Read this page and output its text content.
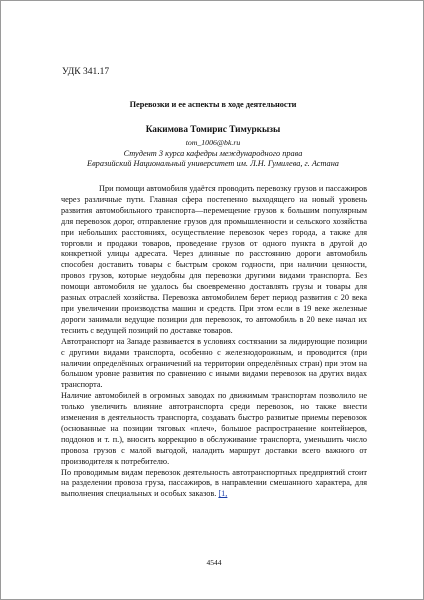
УДК 341.17
Перевозки и ее аспекты в ходе деятельности
Какимова Томирис Тимуркызы
tom_1006@bk.ru
Студент 3 курса кафедры международного права
Евразийский Национальный университет им. Л.Н. Гумилева, г. Астана

При помощи автомобиля удаётся проводить перевозку грузов и пассажиров через различные пути. Главная сфера постепенно выходящего на новый уровень развития автомобильного транспорта—перемещение грузов к большим популярным для перевозок дорог, отправление грузов для промышленности и сельского хозяйства при небольших расстояниях, осуществление перевозок через города, а также для торговли и продажи товаров, проведение грузов от одного пункта в другой до конкретной улицы адресата. Через длинные по расстоянию дороги автомобиль способен доставить товары с быстрым сроком годности, при наличии ценности, провоз грузов, которые неудобны для перевозки другими видами транспорта. Без помощи автомобиля не удалось бы своевременно доставлять грузы и товары для разных отраслей хозяйства. Перевозка автомобилем берет период развития с 20 века при увеличении производства машин и средств. При этом если в 19 веке железные дороги занимали ведущие позиции для перевозок, то автомобиль в 20 веке начал их теснить с ведущей позиций по доставке товаров.

Автотранспорт на Западе развивается в условиях состязании за лидирующие позиции с другими видами транспорта, особенно с железнодорожным, и проводится (при наличии определённых ограничений на территории определённых стран) при этом на большом уровне развития по сравнению с иными видами перевозок на других видах транспорта.

Наличие автомобилей в огромных заводах по движимым транспортам позволило не только увеличить влияние автотранспорта среди перевозок, но также внести изменения в деятельность транспорта, создавать быстро развитые приемы перевозок (основанные на позиции тяговых «плеч», большое распространение контейнеров, поддонов и т. п.), вносить коррекцию в обслуживание транспорта, уменьшить число провоза грузов с малой выгодой, наладить маршрут доставки всего важного от производителя к потребителю.

По проводимым видам перевозок деятельность автотранспортных предприятий стоит на разделении провоза груза, пассажиров, в направлении смешанного характера, для выполнения специальных и особых заказов. [1,

4544
